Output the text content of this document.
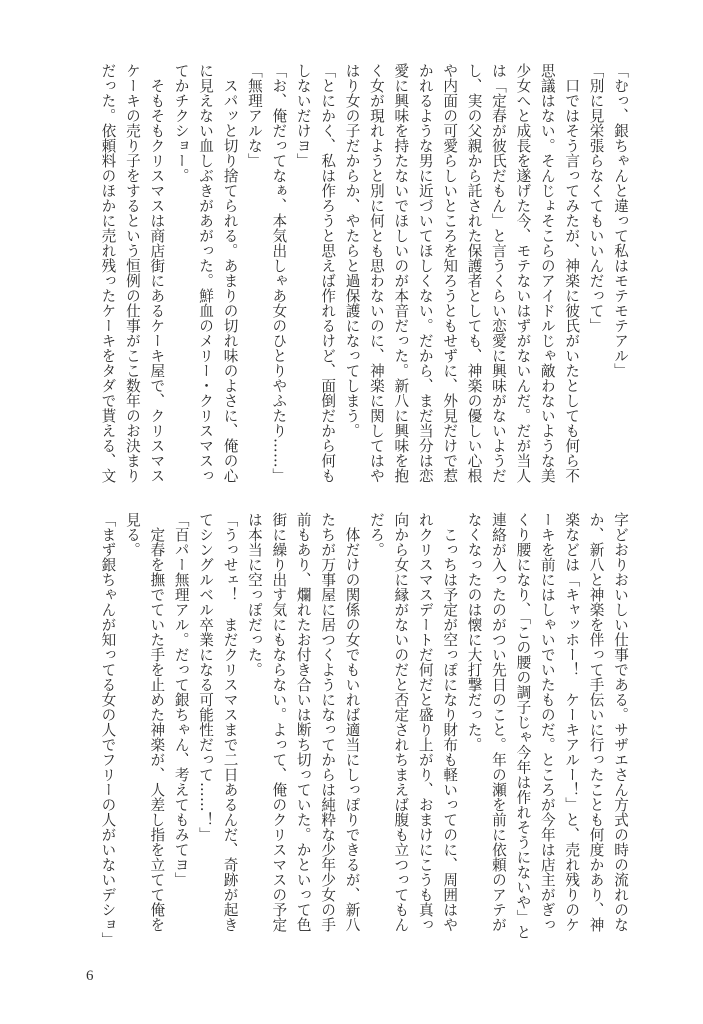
「むっ、銀ちゃんと違って私はモテモテアル」
「別に見栄張らなくてもいいんだって」
　口ではそう言ってみたが、神楽に彼氏がいたとしても何ら不
思議はない。そんじょそこらのアイドルじゃ敵わないような美
少女へと成長を遂げた今、モテないはずがないんだ。だが当人
は「定春が彼氏だもん」と言うくらい恋愛に興味がないようだ
し、実の父親から託された保護者としても、神楽の優しい心根
や内面の可愛らしいところを知ろうともせずに、外見だけで惹
かれるような男に近づいてほしくない。だから、まだ当分は恋
愛に興味を持たないでほしいのが本音だった。新八に興味を抱
く女が現れようと別に何とも思わないのに、神楽に関してはや
はり女の子だからか、やたらと過保護になってしまう。
「とにかく、私は作ろうと思えば作れるけど、面倒だから何も
しないだけヨ」
「お、俺だってなぁ、本気出しゃあ女のひとりやふたり……」
「無理アルな」
　スパッと切り捨てられる。あまりの切れ味のよさに、俺の心
に見えない血しぶきがあがった。鮮血のメリー・クリスマスっ
てかチクショー。
　そもそもクリスマスは商店街にあるケーキ屋で、クリスマス
ケーキの売り子をするという恒例の仕事がここ数年のお決まり
だった。依頼料のほかに売れ残ったケーキをタダで貰える、文
字どおりおいしい仕事である。サザエさん方式の時の流れのな
か、新八と神楽を伴って手伝いに行ったことも何度かあり、神
楽などは「キャッホー！　ケーキアルー！」と、売れ残りのケ
ーキを前にはしゃいでいたものだ。ところが今年は店主がぎっ
くり腰になり、「この腰の調子じゃ今年は作れそうにないや」と
連絡が入ったのがつい先日のこと。年の瀬を前に依頼のアテが
なくなったのは懐に大打撃だった。
　こっちは予定が空っぽになり財布も軽いってのに、周囲はや
れクリスマスデートだ何だと盛り上がり、おまけにこうも真っ
向から女に縁がないのだと否定されちまえば腹も立つってもん
だろ。
　体だけの関係の女でもいれば適当にしっぽりできるが、新八
たちが万事屋に居つくようになってからは純粋な少年少女の手
前もあり、爛れたお付き合いは断ち切っていた。かといって色
街に繰り出す気にもならない。よって、俺のクリスマスの予定
は本当に空っぽだった。
「うっせェ！　まだクリスマスまで二日あるんだ、奇跡が起き
てシングルベル卒業になる可能性だって……！」
「百パー無理アル。だって銀ちゃん、考えてもみてヨ」
　定春を撫でていた手を止めた神楽が、人差し指を立てて俺を
見る。
「まず銀ちゃんが知ってる女の人でフリーの人がいないデショ」
6
